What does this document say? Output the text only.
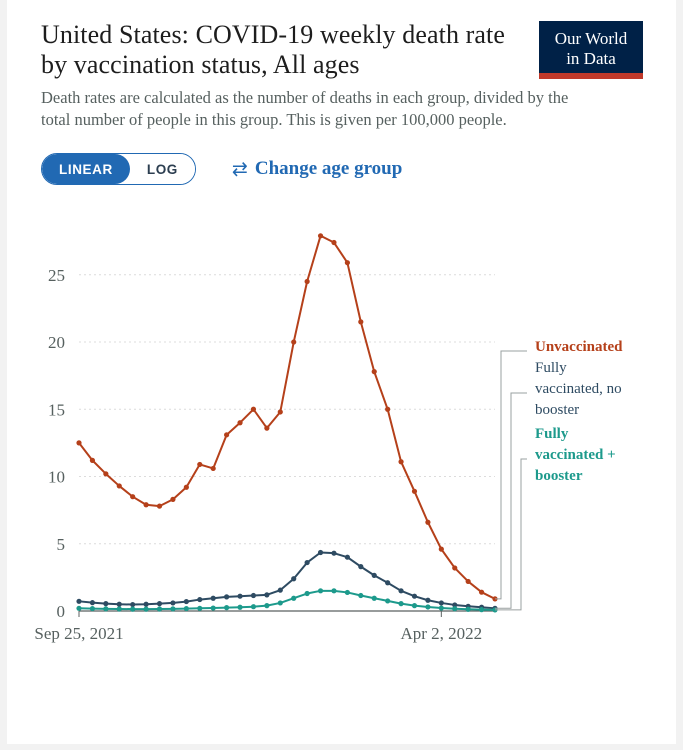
United States: COVID-19 weekly death rate by vaccination status, All ages

Death rates are calculated as the number of deaths in each group, divided by the total number of people in this group. This is given per 100,000 people.

Our World
in Data
LINEAR	LOG	⇄ Change age group
0
5
10
15
20
25
Sep 25, 2021	Apr 2, 2022
Unvaccinated
Fully
vaccinated, no
booster
Fully
vaccinated +
booster
